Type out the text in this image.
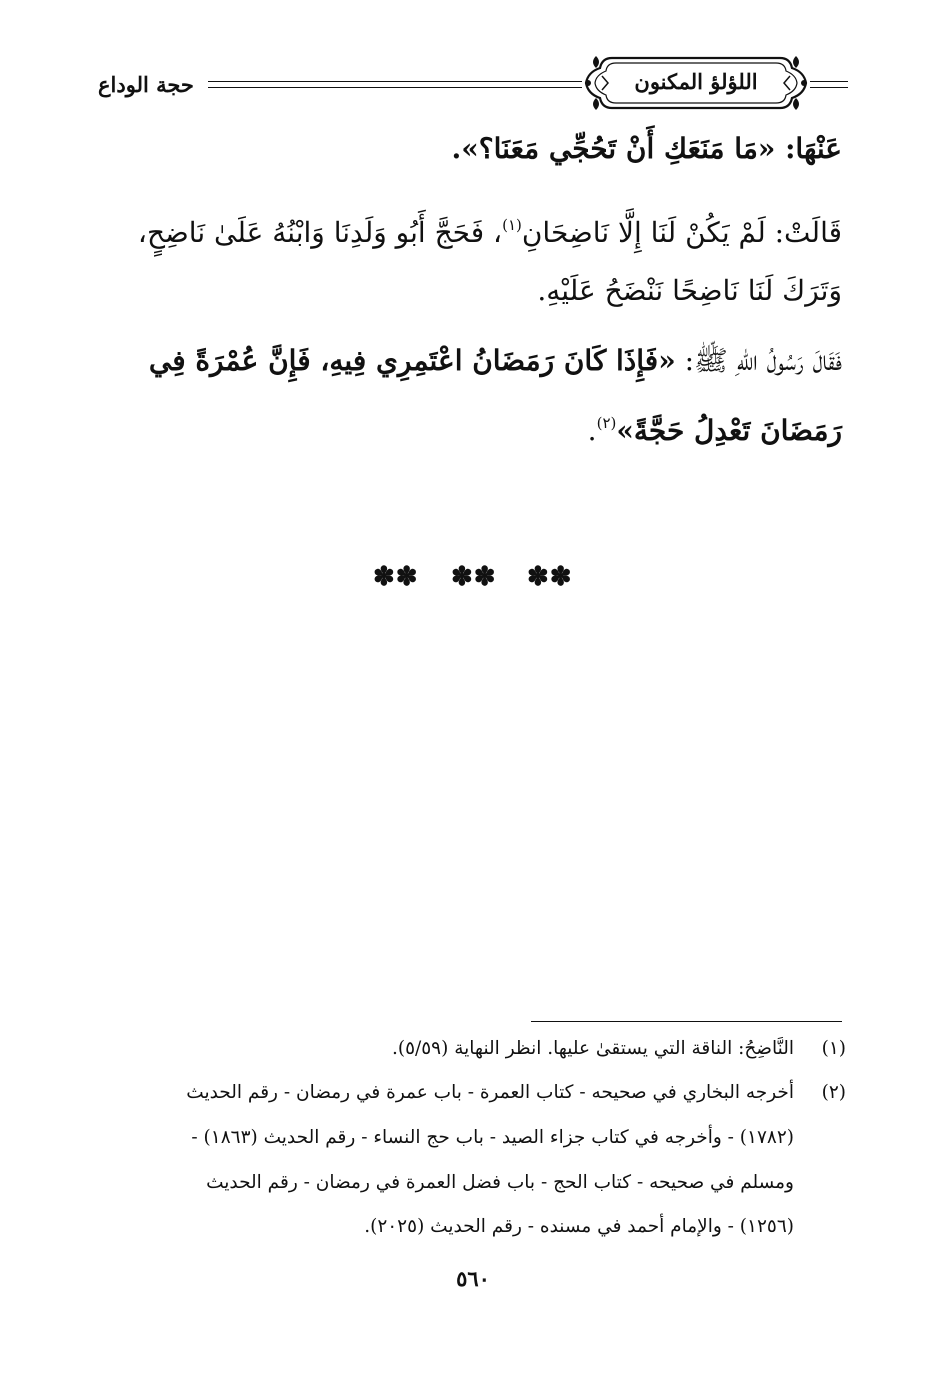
حجة الوداع	اللؤلؤ المكنون
عَنْهَا: «مَا مَنَعَكِ أَنْ تَحُجِّي مَعَنَا؟».
قَالَتْ: لَمْ يَكُنْ لَنَا إِلَّا نَاضِحَانِ$^{(١)}$، فَحَجَّ أَبُو وَلَدِنَا وَابْنُهُ عَلَىٰ نَاضِحٍ،
وَتَرَكَ لَنَا نَاضِحًا نَنْضَحُ عَلَيْهِ.
فَقَالَ رَسُولُ اللهِ ﷺ: «فَإِذَا كَانَ رَمَضَانُ اعْتَمِرِي فِيهِ، فَإِنَّ عُمْرَةً فِي
رَمَضَانَ تَعْدِلُ حَجَّةً»$^{(٢)}$.
✽✽ ✽✽ ✽✽
(١)
النَّاضِحُ: الناقة التي يستقىٰ عليها. انظر النهاية (٥/٥٩).
(٢)
أخرجه البخاري في صحيحه - كتاب العمرة - باب عمرة في رمضان - رقم الحديث
(١٧٨٢) - وأخرجه في كتاب جزاء الصيد - باب حج النساء - رقم الحديث (١٨٦٣) -
ومسلم في صحيحه - كتاب الحج - باب فضل العمرة في رمضان - رقم الحديث
(١٢٥٦) - والإمام أحمد في مسنده - رقم الحديث (٢٠٢٥).
٥٦٠
